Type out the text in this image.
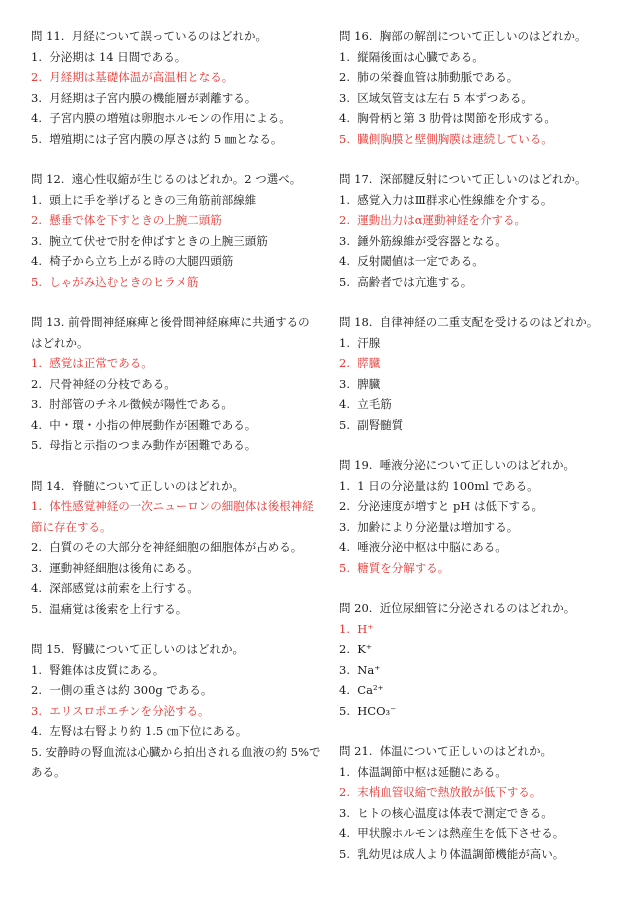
問 11.  月経について誤っているのはどれか。
1.  分泌期は 14 日間である。
2.  月経期は基礎体温が高温相となる。
3.  月経期は子宮内膜の機能層が剥離する。
4.  子宮内膜の増殖は卵胞ホルモンの作用による。
5.  増殖期には子宮内膜の厚さは約 5 ㎜となる。
問 12.  遠心性収縮が生じるのはどれか。2 つ選べ。
1.  頭上に手を挙げるときの三角筋前部線維
2.  懸垂で体を下すときの上腕二頭筋
3.  腕立て伏せで肘を伸ばすときの上腕三頭筋
4.  椅子から立ち上がる時の大腿四頭筋
5.  しゃがみ込むときのヒラメ筋
問 13. 前骨間神経麻痺と後骨間神経麻痺に共通するのはどれか。
1.  感覚は正常である。
2.  尺骨神経の分枝である。
3.  肘部管のチネル徴候が陽性である。
4.  中・環・小指の伸展動作が困難である。
5.  母指と示指のつまみ動作が困難である。
問 14.  脊髄について正しいのはどれか。
1.  体性感覚神経の一次ニューロンの細胞体は後根神経節に存在する。
2.  白質のその大部分を神経細胞の細胞体が占める。
3.  運動神経細胞は後角にある。
4.  深部感覚は前索を上行する。
5.  温痛覚は後索を上行する。
問 15.  腎臓について正しいのはどれか。
1.  腎錐体は皮質にある。
2.  一側の重さは約 300g である。
3.  エリスロポエチンを分泌する。
4.  左腎は右腎より約 1.5 ㎝下位にある。
5. 安静時の腎血流は心臓から拍出される血液の約 5%である。
問 16.  胸部の解剖について正しいのはどれか。
1.  縦隔後面は心臓である。
2.  肺の栄養血管は肺動脈である。
3.  区域気管支は左右 5 本ずつある。
4.  胸骨柄と第 3 肋骨は関節を形成する。
5.  臓側胸膜と壁側胸膜は連続している。
問 17.  深部腱反射について正しいのはどれか。
1.  感覚入力はⅢ群求心性線維を介する。
2.  運動出力はα運動神経を介する。
3.  錘外筋線維が受容器となる。
4.  反射閾値は一定である。
5.  高齢者では亢進する。
問 18.  自律神経の二重支配を受けるのはどれか。
1.  汗腺
2.  膵臓
3.  脾臓
4.  立毛筋
5.  副腎髄質
問 19.  唾液分泌について正しいのはどれか。
1.  1 日の分泌量は約 100ml である。
2.  分泌速度が増すと pH は低下する。
3.  加齢により分泌量は増加する。
4.  唾液分泌中枢は中脳にある。
5.  糖質を分解する。
問 20.  近位尿細管に分泌されるのはどれか。
1.  H⁺
2.  K⁺
3.  Na⁺
4.  Ca²⁺
5.  HCO₃⁻
問 21.  体温について正しいのはどれか。
1.  体温調節中枢は延髄にある。
2.  末梢血管収縮で熱放散が低下する。
3.  ヒトの核心温度は体表で測定できる。
4.  甲状腺ホルモンは熱産生を低下させる。
5.  乳幼児は成人より体温調節機能が高い。
